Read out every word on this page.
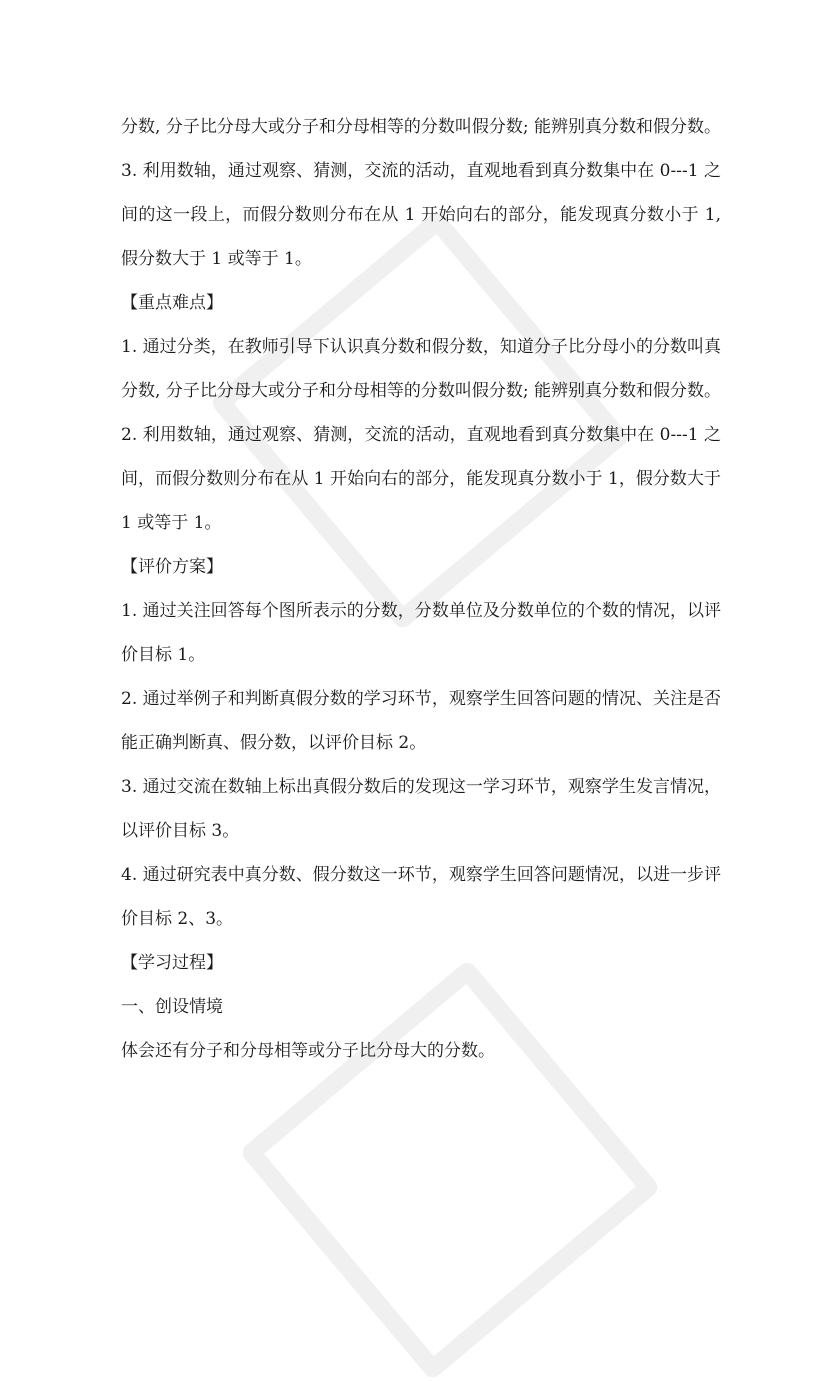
分数, 分子比分母大或分子和分母相等的分数叫假分数; 能辨别真分数和假分数。
3. 利用数轴，通过观察、猜测，交流的活动，直观地看到真分数集中在 0---1 之
间的这一段上，而假分数则分布在从 1 开始向右的部分，能发现真分数小于 1,
假分数大于 1 或等于 1。
【重点难点】
1. 通过分类，在教师引导下认识真分数和假分数，知道分子比分母小的分数叫真
分数, 分子比分母大或分子和分母相等的分数叫假分数; 能辨别真分数和假分数。
2. 利用数轴，通过观察、猜测，交流的活动，直观地看到真分数集中在 0---1 之
间，而假分数则分布在从 1 开始向右的部分，能发现真分数小于 1，假分数大于
1 或等于 1。
【评价方案】
1. 通过关注回答每个图所表示的分数，分数单位及分数单位的个数的情况，以评
价目标 1。
2. 通过举例子和判断真假分数的学习环节，观察学生回答问题的情况、关注是否
能正确判断真、假分数，以评价目标 2。
3. 通过交流在数轴上标出真假分数后的发现这一学习环节，观察学生发言情况，
以评价目标 3。
4. 通过研究表中真分数、假分数这一环节，观察学生回答问题情况，以进一步评
价目标 2、3。
【学习过程】
一、创设情境
体会还有分子和分母相等或分子比分母大的分数。
